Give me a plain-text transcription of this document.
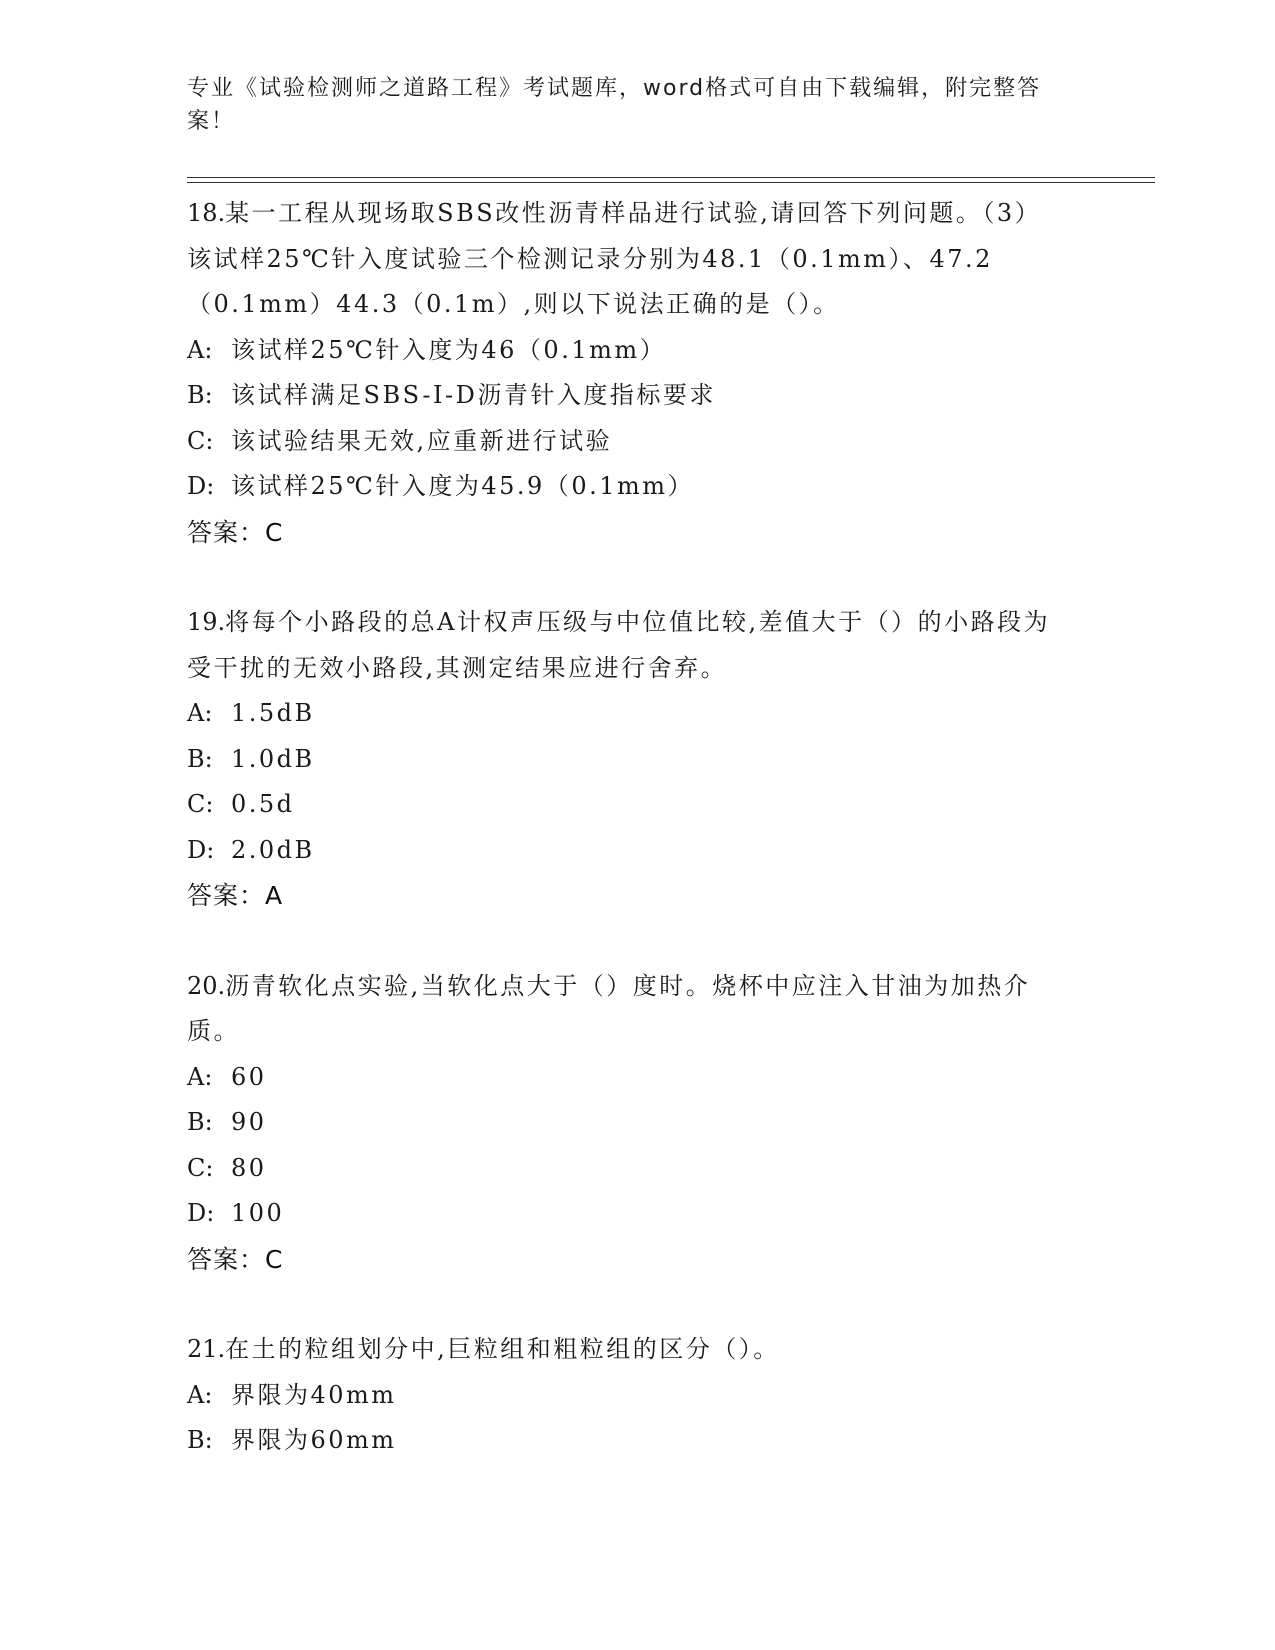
专业《试验检测师之道路工程》考试题库，word格式可自由下载编辑，附完整答案！
18.某一工程从现场取SBS改性沥青样品进行试验,请回答下列问题。（3）该试样25℃针入度试验三个检测记录分别为48.1（0.1mm）、47.2（0.1mm）44.3（0.1m）,则以下说法正确的是（）。
A: 该试样25℃针入度为46（0.1mm）
B: 该试样满足SBS-Ⅰ-D沥青针入度指标要求
C: 该试验结果无效,应重新进行试验
D: 该试样25℃针入度为45.9（0.1mm）
答案：C
19.将每个小路段的总A计权声压级与中位值比较,差值大于（）的小路段为受干扰的无效小路段,其测定结果应进行舍弃。
A: 1.5dB
B: 1.0dB
C: 0.5d
D: 2.0dB
答案：A
20.沥青软化点实验,当软化点大于（）度时。烧杯中应注入甘油为加热介质。
A: 60
B: 90
C: 80
D: 100
答案：C
21.在土的粒组划分中,巨粒组和粗粒组的区分（）。
A: 界限为40mm
B: 界限为60mm
